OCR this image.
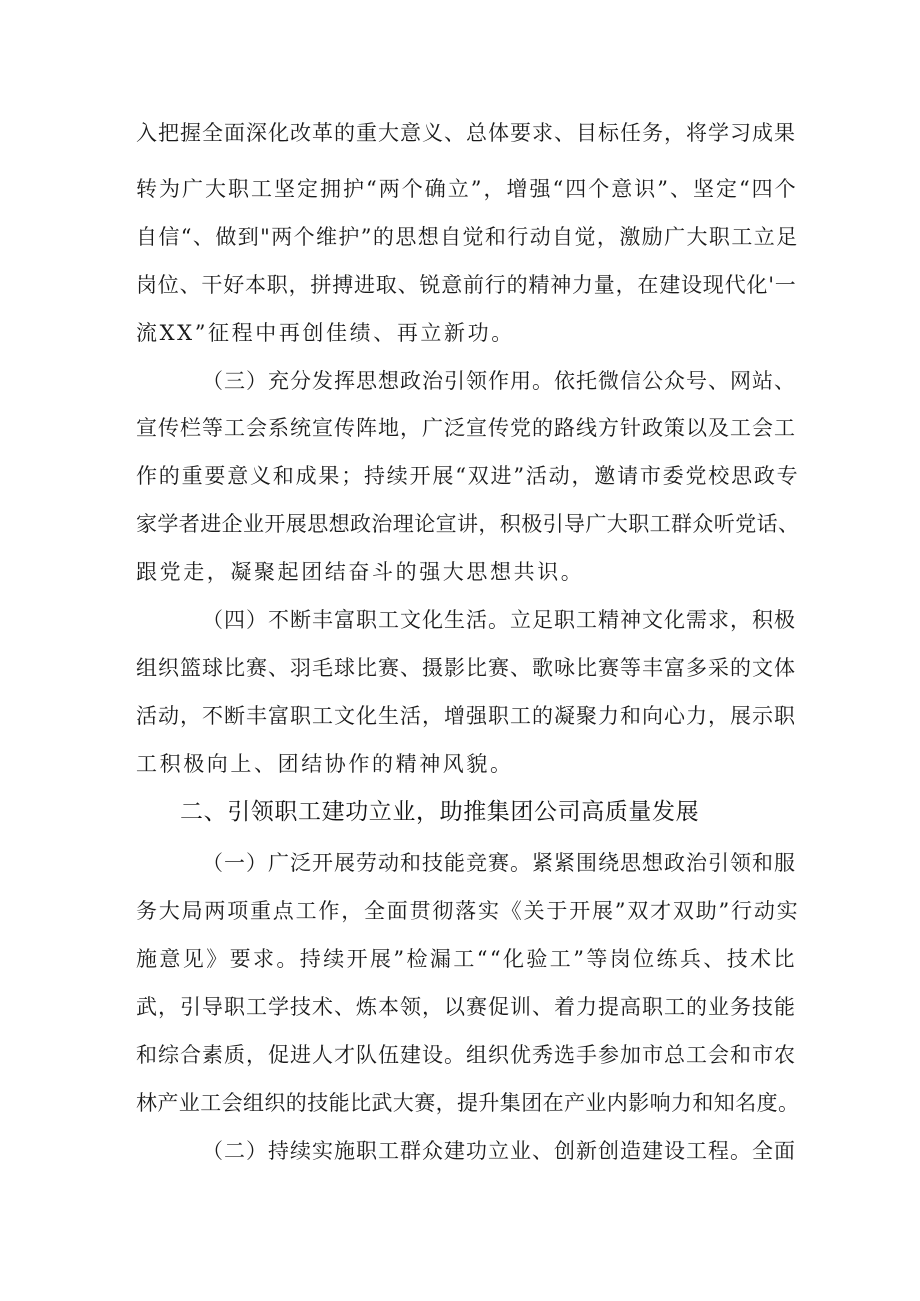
入把握全面深化改革的重大意义、总体要求、目标任务，将学习成果
转为广大职工坚定拥护“两个确立”，增强“四个意识”、坚定“四个
自信“、做到"两个维护”的思想自觉和行动自觉，激励广大职工立足
岗位、干好本职，拼搏进取、锐意前行的精神力量，在建设现代化'一
流XX”征程中再创佳绩、再立新功。
（三）充分发挥思想政治引领作用。依托微信公众号、网站、
宣传栏等工会系统宣传阵地，广泛宣传党的路线方针政策以及工会工
作的重要意义和成果；持续开展“双进”活动，邀请市委党校思政专
家学者进企业开展思想政治理论宣讲，积极引导广大职工群众听党话、
跟党走，凝聚起团结奋斗的强大思想共识。
（四）不断丰富职工文化生活。立足职工精神文化需求，积极
组织篮球比赛、羽毛球比赛、摄影比赛、歌咏比赛等丰富多采的文体
活动，不断丰富职工文化生活，增强职工的凝聚力和向心力，展示职
工积极向上、团结协作的精神风貌。
二、引领职工建功立业，助推集团公司高质量发展
（一）广泛开展劳动和技能竞赛。紧紧围绕思想政治引领和服
务大局两项重点工作，全面贯彻落实《关于开展”双才双助”行动实
施意见》要求。持续开展”检漏工““化验工”等岗位练兵、技术比
武，引导职工学技术、炼本领，以赛促训、着力提高职工的业务技能
和综合素质，促进人才队伍建设。组织优秀选手参加市总工会和市农
林产业工会组织的技能比武大赛，提升集团在产业内影响力和知名度。
（二）持续实施职工群众建功立业、创新创造建设工程。全面
